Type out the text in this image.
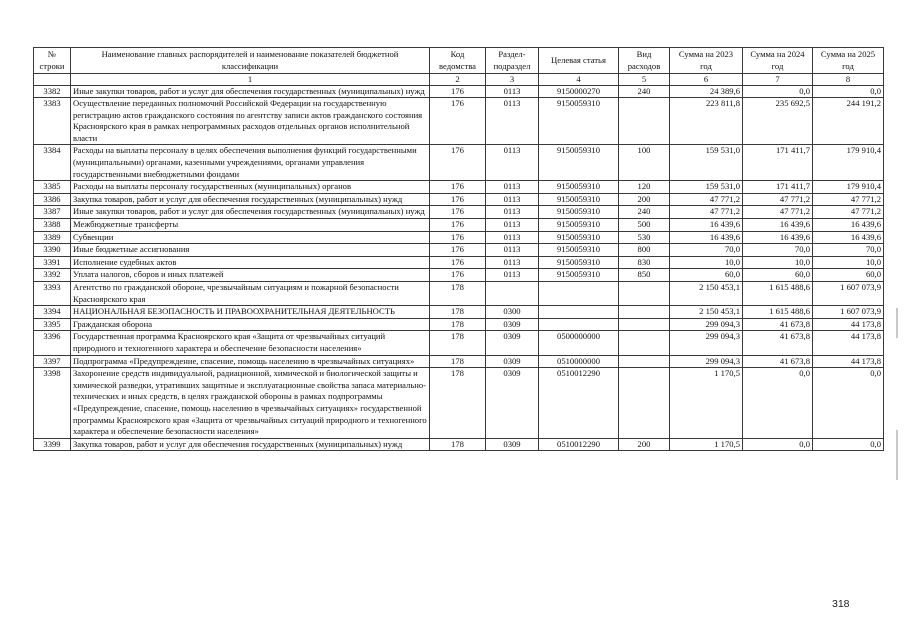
№ строки	Наименование главных распорядителей и наименование показателей бюджетной классификации	Код ведомства	Раздел-подраздел	Целевая статья	Вид расходов	Сумма на 2023 год	Сумма на 2024 год	Сумма на 2025 год
	1	2	3	4	5	6	7	8
3382	Иные закупки товаров, работ и услуг для обеспечения государственных (муниципальных) нужд	176	0113	9150000270	240	24 389,6	0,0	0,0
3383	Осуществление переданных полномочий Российской Федерации на государственную регистрацию актов гражданского состояния по агентству записи актов гражданского состояния Красноярского края в рамках непрограммных расходов отдельных органов исполнительной власти	176	0113	9150059310		223 811,8	235 692,5	244 191,2
3384	Расходы на выплаты персоналу в целях обеспечения выполнения функций государственными (муниципальными) органами, казенными учреждениями, органами управления государственными внебюджетными фондами	176	0113	9150059310	100	159 531,0	171 411,7	179 910,4
3385	Расходы на выплаты персоналу государственных (муниципальных) органов	176	0113	9150059310	120	159 531,0	171 411,7	179 910,4
3386	Закупка товаров, работ и услуг для обеспечения государственных (муниципальных) нужд	176	0113	9150059310	200	47 771,2	47 771,2	47 771,2
3387	Иные закупки товаров, работ и услуг для обеспечения государственных (муниципальных) нужд	176	0113	9150059310	240	47 771,2	47 771,2	47 771,2
3388	Межбюджетные трансферты	176	0113	9150059310	500	16 439,6	16 439,6	16 439,6
3389	Субвенции	176	0113	9150059310	530	16 439,6	16 439,6	16 439,6
3390	Иные бюджетные ассигнования	176	0113	9150059310	800	70,0	70,0	70,0
3391	Исполнение судебных актов	176	0113	9150059310	830	10,0	10,0	10,0
3392	Уплата налогов, сборов и иных платежей	176	0113	9150059310	850	60,0	60,0	60,0
3393	Агентство по гражданской обороне, чрезвычайным ситуациям и пожарной безопасности Красноярского края	178				2 150 453,1	1 615 488,6	1 607 073,9
3394	НАЦИОНАЛЬНАЯ БЕЗОПАСНОСТЬ И ПРАВООХРАНИТЕЛЬНАЯ ДЕЯТЕЛЬНОСТЬ	178	0300			2 150 453,1	1 615 488,6	1 607 073,9
3395	Гражданская оборона	178	0309			299 094,3	41 673,8	44 173,8
3396	Государственная программа Красноярского края «Защита от чрезвычайных ситуаций природного и техногенного характера и обеспечение безопасности населения»	178	0309	0500000000		299 094,3	41 673,8	44 173,8
3397	Подпрограмма «Предупреждение, спасение, помощь населению в чрезвычайных ситуациях»	178	0309	0510000000		299 094,3	41 673,8	44 173,8
3398	Захоронение средств индивидуальной, радиационной, химической и биологической защиты и химической разведки, утративших защитные и эксплуатационные свойства запаса материально-технических и иных средств, в целях гражданской обороны в рамках подпрограммы «Предупреждение, спасение, помощь населению в чрезвычайных ситуациях» государственной программы Красноярского края «Защита от чрезвычайных ситуаций природного и техногенного характера и обеспечение безопасности населения»	178	0309	0510012290		1 170,5	0,0	0,0
3399	Закупка товаров, работ и услуг для обеспечения государственных (муниципальных) нужд	178	0309	0510012290	200	1 170,5	0,0	0,0
318
